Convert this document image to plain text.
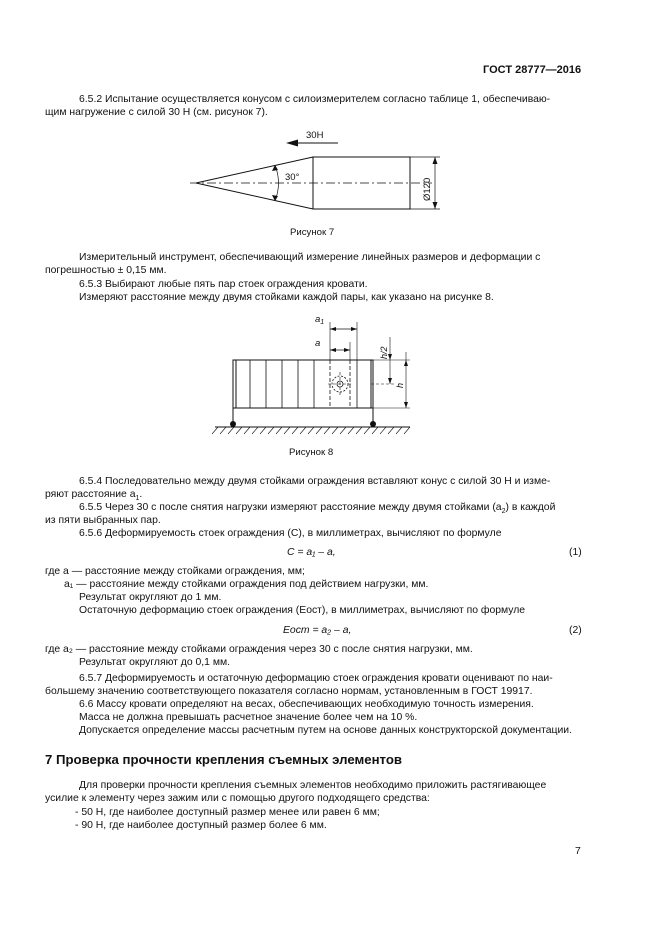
ГОСТ 28777—2016
6.5.2 Испытание осуществляется конусом с силоизмерителем согласно таблице 1, обеспечиваю-
щим нагружение с силой 30 Н (см. рисунок 7).
30Н
30°
Ø120
Рисунок 7
Измерительный инструмент, обеспечивающий измерение линейных размеров и деформации с
погрешностью ± 0,15 мм.
6.5.3 Выбирают любые пять пар стоек ограждения кровати.
Измеряют расстояние между двумя стойками каждой пары, как указано на рисунке 8.
$a_1$
a
h/2
h
Рисунок 8
6.5.4 Последовательно между двумя стойками ограждения вставляют конус с силой 30 Н и изме-
ряют расстояние $a_1$.
6.5.5 Через 30 с после снятия нагрузки измеряют расстояние между двумя стойками $(a_2)$ в каждой
из пяти выбранных пар.
6.5.6 Деформируемость стоек ограждения (C), в миллиметрах, вычисляют по формуле
C = a₁ – a,	(1)
где a — расстояние между стойками ограждения, мм;
a₁ — расстояние между стойками ограждения под действием нагрузки, мм.
Результат округляют до 1 мм.
Остаточную деформацию стоек ограждения (Eост), в миллиметрах, вычисляют по формуле
Eост = a₂ – a,	(2)
где a₂ — расстояние между стойками ограждения через 30 с после снятия нагрузки, мм.
Результат округляют до 0,1 мм.
6.5.7 Деформируемость и остаточную деформацию стоек ограждения кровати оценивают по наи-
большему значению соответствующего показателя согласно нормам, установленным в ГОСТ 19917.
6.6 Массу кровати определяют на весах, обеспечивающих необходимую точность измерения.
Масса не должна превышать расчетное значение более чем на 10 %.
Допускается определение массы расчетным путем на основе данных конструкторской документации.
7 Проверка прочности крепления съемных элементов
Для проверки прочности крепления съемных элементов необходимо приложить растягивающее
усилие к элементу через зажим или с помощью другого подходящего средства:
- 50 Н, где наиболее доступный размер менее или равен 6 мм;
- 90 Н, где наиболее доступный размер более 6 мм.
7
